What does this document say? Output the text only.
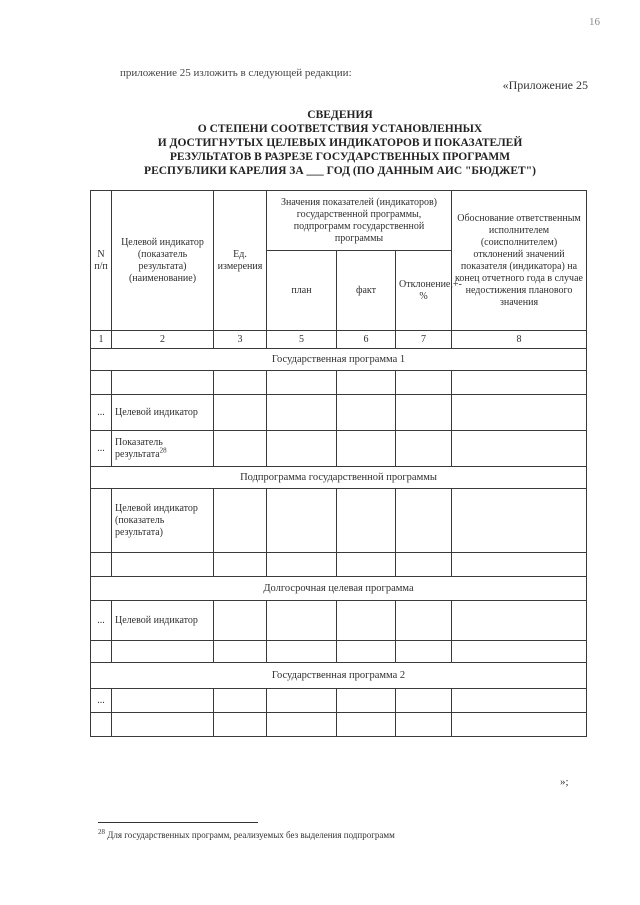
16
приложение 25 изложить в следующей редакции:
«Приложение 25
СВЕДЕНИЯ
О СТЕПЕНИ СООТВЕТСТВИЯ УСТАНОВЛЕННЫХ
И ДОСТИГНУТЫХ ЦЕЛЕВЫХ ИНДИКАТОРОВ И ПОКАЗАТЕЛЕЙ
РЕЗУЛЬТАТОВ В РАЗРЕЗЕ ГОСУДАРСТВЕННЫХ ПРОГРАММ
РЕСПУБЛИКИ КАРЕЛИЯ ЗА ___ ГОД (ПО ДАННЫМ АИС "БЮДЖЕТ")
N п/п	Целевой индикатор (показатель результата) (наименование)	Ед. измерения	Значения показателей (индикаторов) государственной программы, подпрограмм государственной программы			Обоснование ответственным исполнителем (соисполнителем) отклонений значений показателя (индикатора) на конец отчетного года в случае недостижения планового значения
			план	факт	Отклонение,+-%	
1	2	3	5	6	7	8
Государственная программа 1						

...	Целевой индикатор					
...	Показатель результата$^{28}$					
Подпрограмма государственной программы						
	Целевой индикатор (показатель результата)					

Долгосрочная целевая программа						
...	Целевой индикатор					

Государственная программа 2						
...						

»;
$^{28}$ Для государственных программ, реализуемых без выделения подпрограмм
